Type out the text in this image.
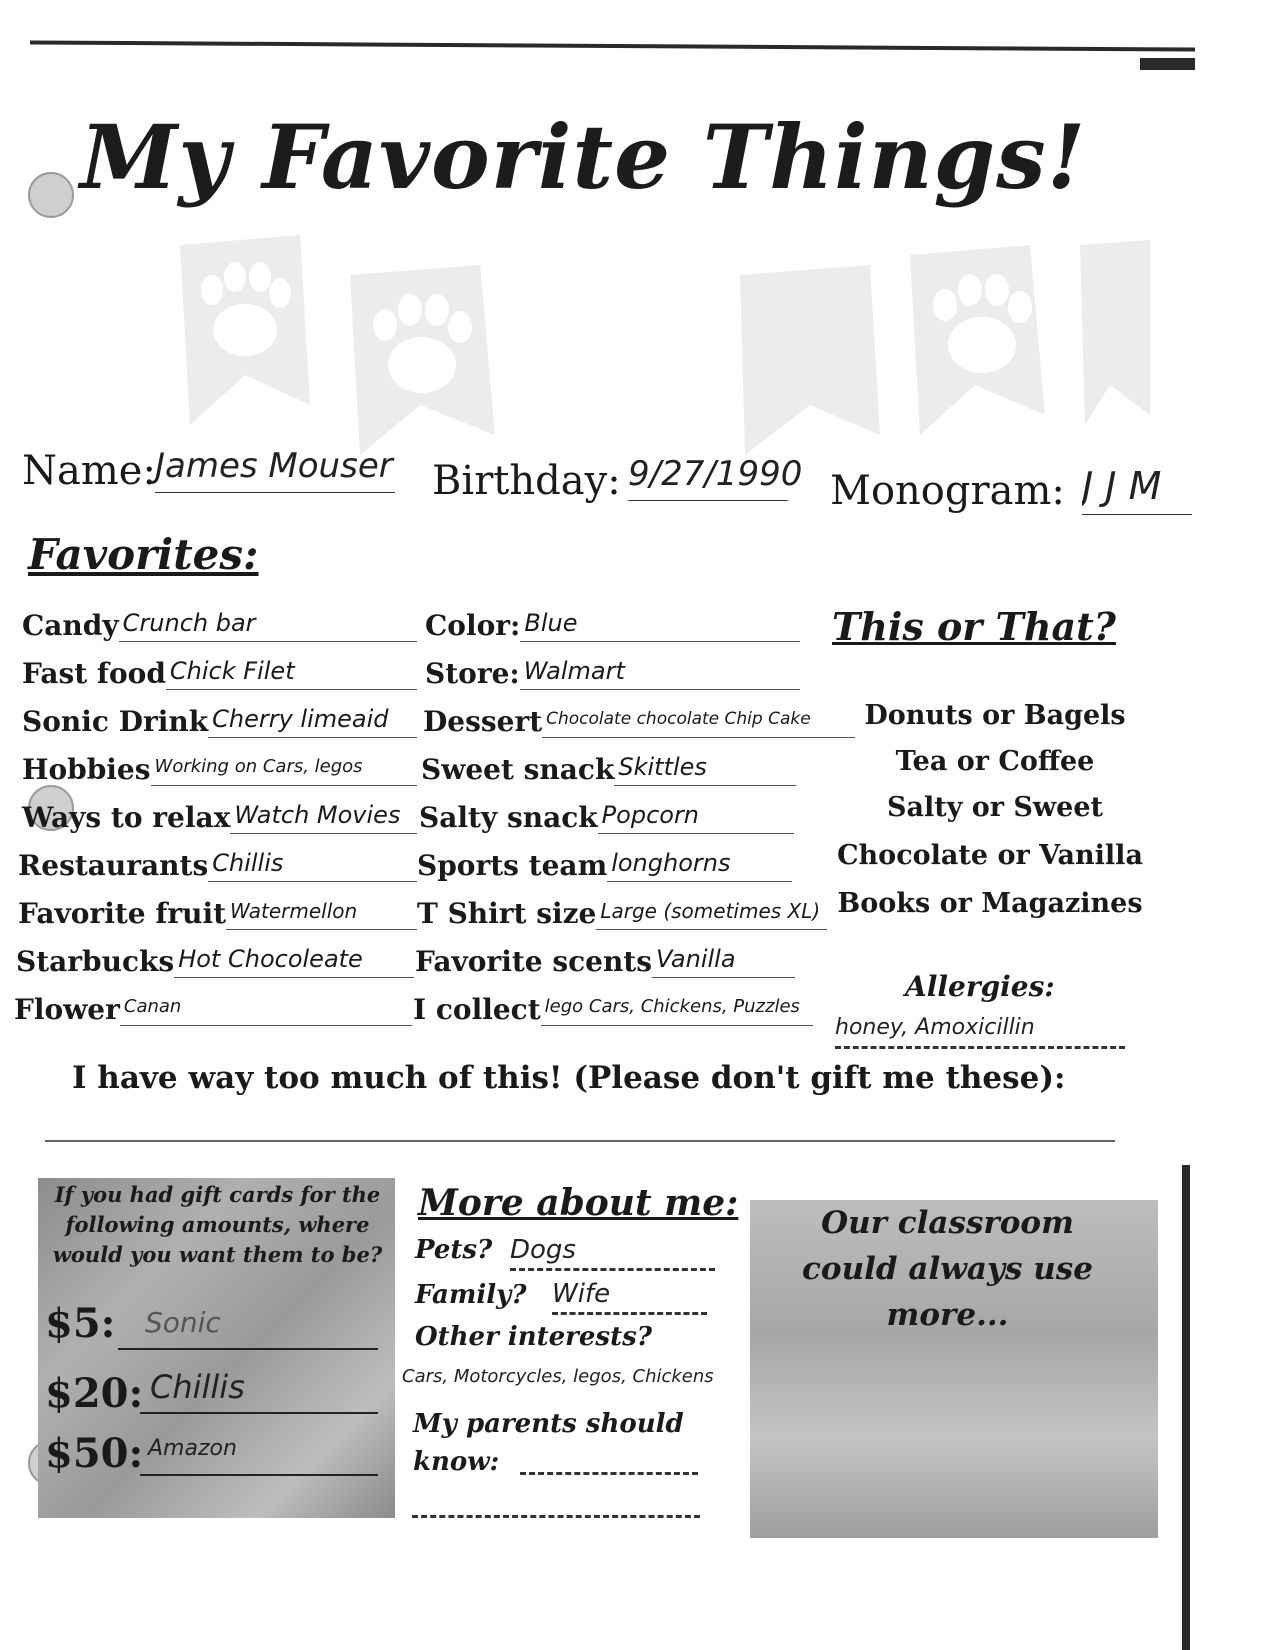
My Favorite Things!
Name: James Mouser Birthday: 9/27/1990 Monogram: J J M
Favorites:
Candy Crunch bar
Fast food Chick Filet
Sonic Drink Cherry limeaid
Hobbies Working on Cars, legos
Ways to relax Watch Movies
Restaurants Chillis
Favorite fruit Watermellon
Starbucks Hot Chocoleate
Flower Canan
Color: Blue
Store: Walmart
Dessert Chocolate chocolate Chip Cake
Sweet snack Skittles
Salty snack Popcorn
Sports team longhorns
T Shirt size Large (sometimes XL)
Favorite scents Vanilla
I collect lego Cars, Chickens, Puzzles
This or That?
Donuts or Bagels
Tea or Coffee
Salty or Sweet
Chocolate or Vanilla
Books or Magazines
Allergies:
honey, Amoxicillin
I have way too much of this! (Please don't gift me these):
If you had gift cards for the following amounts, where would you want them to be?
$5: Sonic
$20: Chillis
$50: Amazon
More about me:
Pets? Dogs
Family? Wife
Other interests?
Cars, Motorcycles, legos, Chickens
My parents should know:
Our classroom could always use more...
